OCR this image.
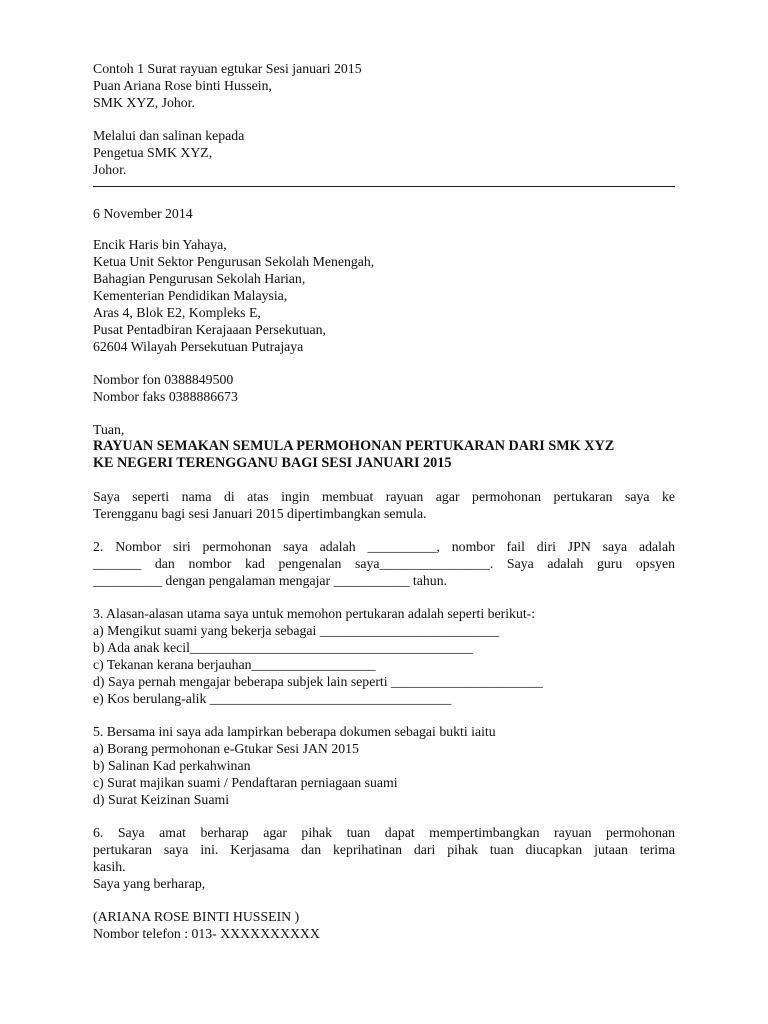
Contoh 1 Surat rayuan egtukar Sesi januari 2015
Puan Ariana Rose binti Hussein,
SMK XYZ, Johor.
Melalui dan salinan kepada
Pengetua SMK XYZ,
Johor.
6 November 2014
Encik Haris bin Yahaya,
Ketua Unit Sektor Pengurusan Sekolah Menengah,
Bahagian Pengurusan Sekolah Harian,
Kementerian Pendidikan Malaysia,
Aras 4, Blok E2, Kompleks E,
Pusat Pentadbiran Kerajaaan Persekutuan,
62604 Wilayah Persekutuan Putrajaya
Nombor fon 0388849500
Nombor faks 0388886673
Tuan,
RAYUAN SEMAKAN SEMULA PERMOHONAN PERTUKARAN DARI SMK XYZ
KE NEGERI TERENGGANU BAGI SESI JANUARI 2015
Saya seperti nama di atas ingin membuat rayuan agar permohonan pertukaran saya ke
Terengganu bagi sesi Januari 2015 dipertimbangkan semula.
2. Nombor siri permohonan saya adalah __________, nombor fail diri JPN saya adalah
_______ dan nombor kad pengenalan saya________________. Saya adalah guru opsyen
__________ dengan pengalaman mengajar ___________ tahun.
3. Alasan-alasan utama saya untuk memohon pertukaran adalah seperti berikut-:
a) Mengikut suami yang bekerja sebagai __________________________
b) Ada anak kecil_________________________________________
c) Tekanan kerana berjauhan__________________
d) Saya pernah mengajar beberapa subjek lain seperti ______________________
e) Kos berulang-alik ___________________________________
5. Bersama ini saya ada lampirkan beberapa dokumen sebagai bukti iaitu
a) Borang permohonan e-Gtukar Sesi JAN 2015
b) Salinan Kad perkahwinan
c) Surat majikan suami / Pendaftaran perniagaan suami
d) Surat Keizinan Suami
6. Saya amat berharap agar pihak tuan dapat mempertimbangkan rayuan permohonan
pertukaran saya ini. Kerjasama dan keprihatinan dari pihak tuan diucapkan jutaan terima
kasih.
Saya yang berharap,
(ARIANA ROSE BINTI HUSSEIN )
Nombor telefon : 013- XXXXXXXXXX
